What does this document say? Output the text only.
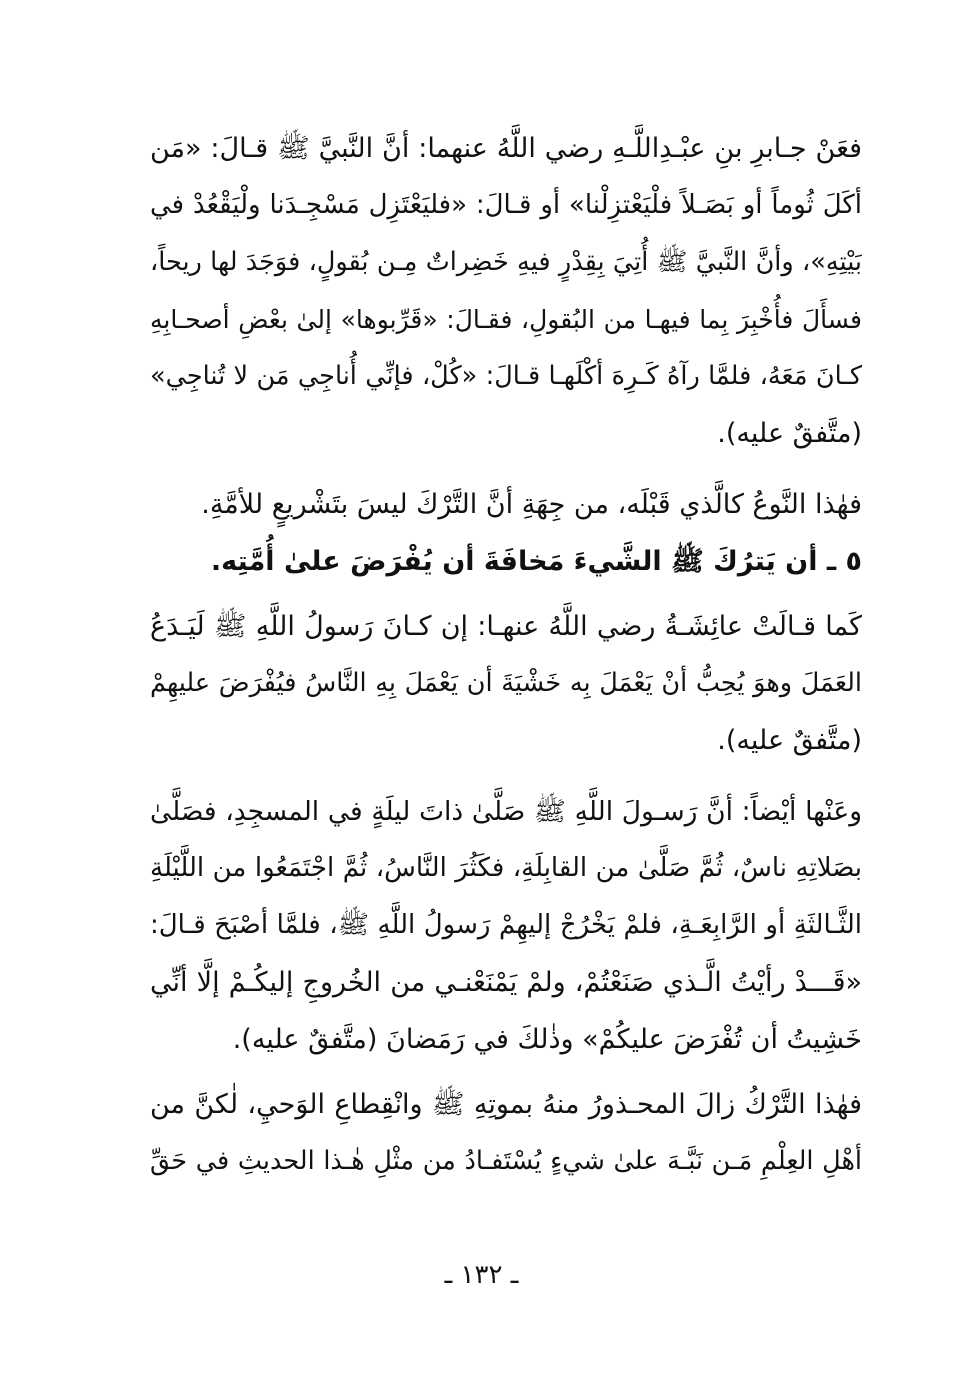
فعَنْ جـابرِ بنِ عبْـدِاللَّـهِ رضي اللَّهُ عنهما: أنَّ النَّبيَّ ﷺ قـالَ: «مَن
أكَلَ ثُوماً أو بَصَـلاً فلْيَعْتزِلْنا» أو قـالَ: «فليَعْتَزِل مَسْجِـدَنا ولْيَقْعُدْ في
بَيْتِهِ»، وأنَّ النَّبيَّ ﷺ أُتِيَ بِقِدْرٍ فيهِ خَضِراتٌ مِـن بُقولٍ، فوَجَدَ لها ريحاً،
فسأَلَ فأُخْبِرَ بِما فيهـا من البُقولِ، فقـالَ: «قَرِّبوها» إلىٰ بعْضِ أصحـابِهِ
كـانَ مَعَهُ، فلمَّا رآهُ كَـرِهَ أكْلَهـا قـالَ: «كُلْ، فإنِّي أُناجِي مَن لا تُناجِي»
(متَّفقٌ عليه).
فهٰذا النَّوعُ كالَّذي قَبْلَه، من جِهَةِ أنَّ التَّرْكَ ليسَ بتَشْريعٍ للأمَّةِ.
٥ ـ أن يَترُكَ ﷺ الشَّيءَ مَخافَةَ أن يُفْرَضَ علىٰ أُمَّتِه.
كَما قـالَتْ عائِشَـةُ رضي اللَّهُ عنهـا: إن كـانَ رَسولُ اللَّهِ ﷺ لَيَـدَعُ
العَمَلَ وهوَ يُحِبُّ أنْ يَعْمَلَ بِه خَشْيَةَ أن يَعْمَلَ بِهِ النَّاسُ فيُفْرَضَ عليهِمْ
(متَّفقٌ عليه).
وعَنْها أيْضاً: أنَّ رَسـولَ اللَّهِ ﷺ صَلَّىٰ ذاتَ ليلَةٍ في المسجِدِ، فصَلَّىٰ
بصَلاتِهِ ناسٌ، ثُمَّ صَلَّىٰ من القابِلَةِ، فكَثُرَ النَّاسُ، ثُمَّ اجْتَمَعُوا من اللَّيْلَةِ
الثَّـالثَةِ أو الرَّابِعَـةِ، فلمْ يَخْرُجْ إليهِمْ رَسولُ اللَّهِ ﷺ، فلمَّا أصْبَحَ قـالَ:
«قَـــدْ رأيْتُ الَّـذي صَنَعْتُمْ، ولمْ يَمْنَعْنـي من الخُروجِ إليكُـمْ إلَّا أنِّي
خَشِيتُ أن تُفْرَضَ عليكُمْ» وذٰلكَ في رَمَضانَ (متَّفقٌ عليه).
فهٰذا التَّرْكُ زالَ المحـذورُ منهُ بموتِهِ ﷺ وانْقِطاعِ الوَحيِ، لٰكنَّ من
أهْلِ العِلْمِ مَـن نَبَّـهَ علىٰ شيءٍ يُسْتَفـادُ من مثْلِ هٰـذا الحديثِ في حَقِّ
ـ ١٣٢ ـ
